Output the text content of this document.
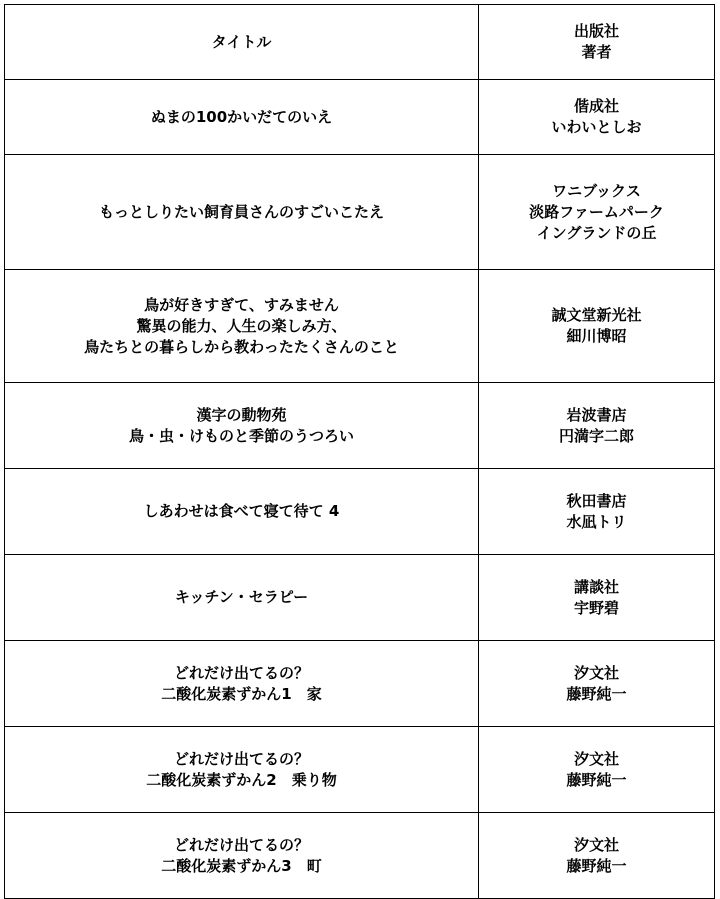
タイトル	出版社
著者

ぬまの100かいだてのいえ	偕成社
いわいとしお

もっとしりたい飼育員さんのすごいこたえ	ワニブックス
淡路ファームパーク
イングランドの丘

鳥が好きすぎて、すみません
驚異の能力、人生の楽しみ方、
鳥たちとの暮らしから教わったたくさんのこと	誠文堂新光社
細川博昭

漢字の動物苑
鳥・虫・けものと季節のうつろい	岩波書店
円満字二郎

しあわせは食べて寝て待て 4	秋田書店
水凪トリ

キッチン・セラピー	講談社
宇野碧

どれだけ出てるの？
二酸化炭素ずかん1　家	汐文社
藤野純一

どれだけ出てるの？
二酸化炭素ずかん2　乗り物	汐文社
藤野純一

どれだけ出てるの？
二酸化炭素ずかん3　町	汐文社
藤野純一
